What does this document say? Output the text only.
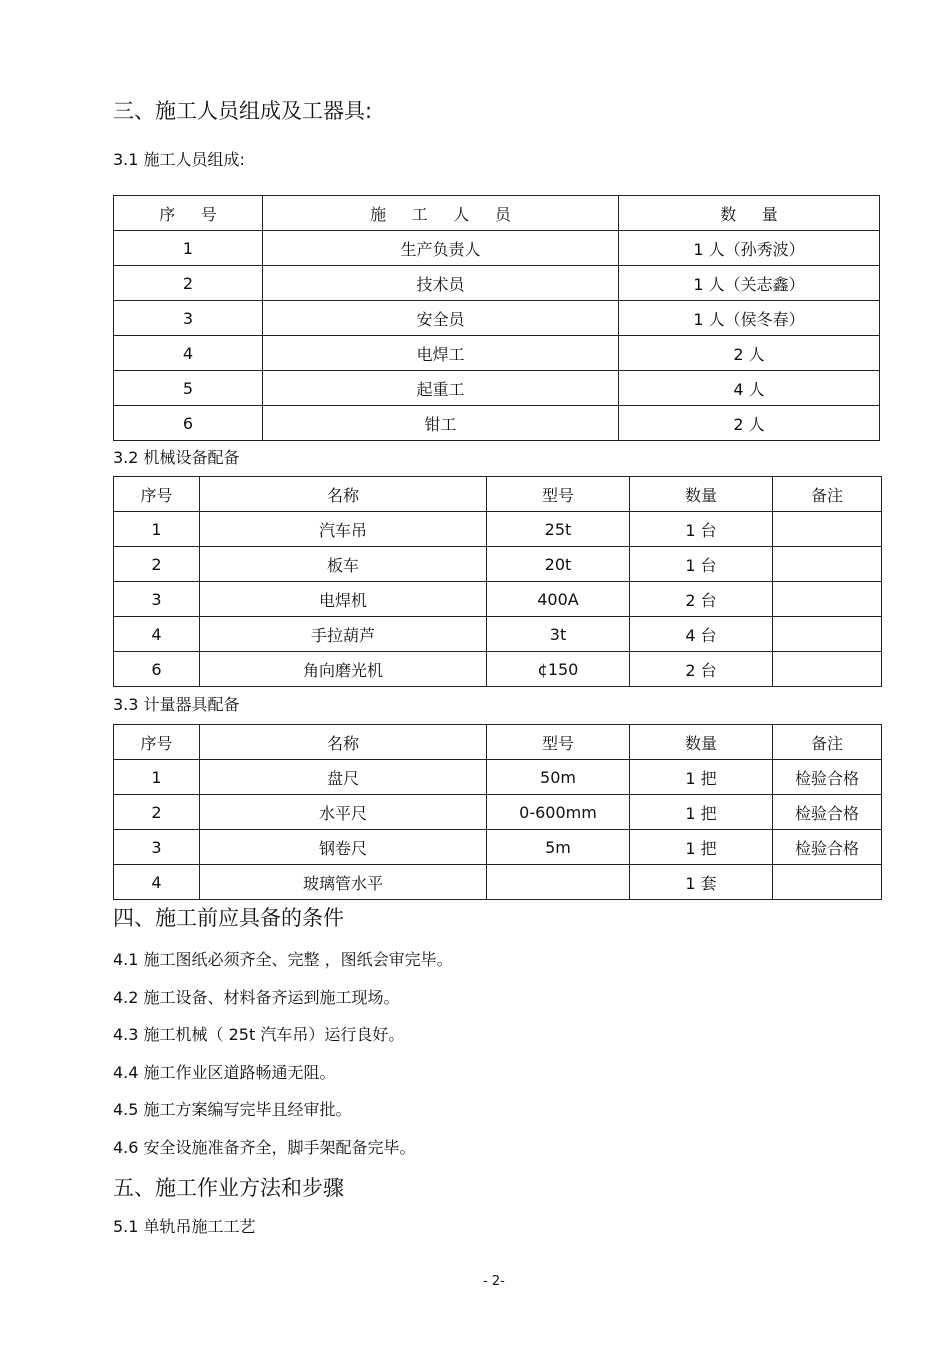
三、施工人员组成及工器具:
3.1 施工人员组成:
序号	施工人员	数量
1	生产负责人	1 人（孙秀波）
2	技术员	1 人（关志鑫）
3	安全员	1 人（侯冬春）
4	电焊工	2 人
5	起重工	4 人
6	钳工	2 人
3.2 机械设备配备
序号	名称	型号	数量	备注
1	汽车吊	25t	1 台	
2	板车	20t	1 台	
3	电焊机	400A	2 台	
4	手拉葫芦	3t	4 台	
6	角向磨光机	¢150	2 台	
3.3 计量器具配备
序号	名称	型号	数量	备注
1	盘尺	50m	1 把	检验合格
2	水平尺	0-600mm	1 把	检验合格
3	钢卷尺	5m	1 把	检验合格
4	玻璃管水平		1 套	
四、施工前应具备的条件
4.1 施工图纸必须齐全、完整 ，图纸会审完毕。
4.2 施工设备、材料备齐运到施工现场。
4.3 施工机械（ 25t 汽车吊）运行良好。
4.4 施工作业区道路畅通无阻。
4.5 施工方案编写完毕且经审批。
4.6 安全设施准备齐全，脚手架配备完毕。
五、施工作业方法和步骤
5.1 单轨吊施工工艺
- 2-
